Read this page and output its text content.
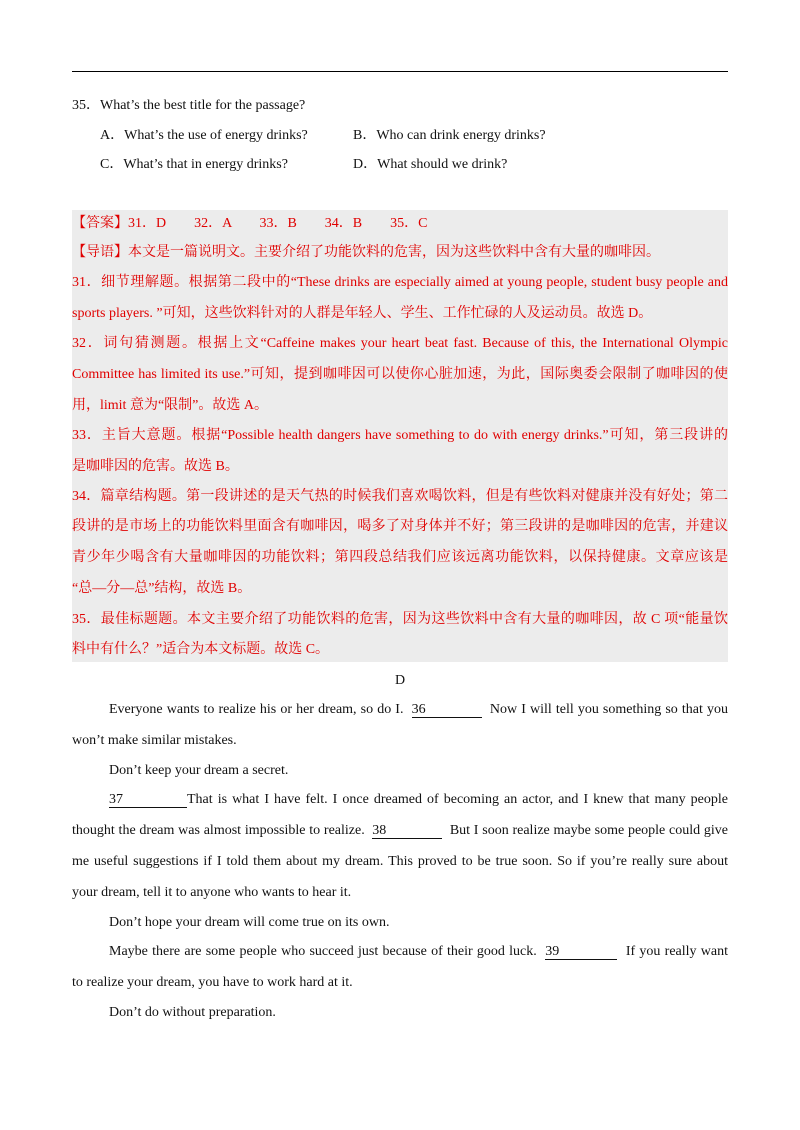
35．What’s the best title for the passage?
A．What’s the use of energy drinks?	B．Who can drink energy drinks?
C．What’s that in energy drinks?	D．What should we drink?
【答案】31．D　　32．A　　33．B　　34．B　　35．C
【导语】本文是一篇说明文。主要介绍了功能饮料的危害，因为这些饮料中含有大量的咖啡因。
31．细节理解题。根据第二段中的“These drinks are especially aimed at young people, student busy people and
sports players. ”可知，这些饮料针对的人群是年轻人、学生、工作忙碌的人及运动员。故选 D。
32．词句猜测题。根据上文“Caffeine makes your heart beat fast. Because of this, the International Olympic
Committee has limited its use.”可知，提到咖啡因可以使你心脏加速，为此，国际奥委会限制了咖啡因的使
用，limit 意为“限制”。故选 A。
33．主旨大意题。根据“Possible health dangers have something to do with energy drinks.”可知，第三段讲的
是咖啡因的危害。故选 B。
34．篇章结构题。第一段讲述的是天气热的时候我们喜欢喝饮料，但是有些饮料对健康并没有好处；第二
段讲的是市场上的功能饮料里面含有咖啡因，喝多了对身体并不好；第三段讲的是咖啡因的危害，并建议
青少年少喝含有大量咖啡因的功能饮料；第四段总结我们应该远离功能饮料，以保持健康。文章应该是
“总—分—总”结构，故选 B。
35．最佳标题题。本文主要介绍了功能饮料的危害，因为这些饮料中含有大量的咖啡因，故 C 项“能量饮
料中有什么？”适合为本文标题。故选 C。
D
Everyone wants to realize his or her dream, so do I. 36	Now I will tell you something so that you
won’t make similar mistakes.
Don’t keep your dream a secret.
37	That is what I have felt. I once dreamed of becoming an actor, and I knew that many people
thought the dream was almost impossible to realize. 38	But I soon realize maybe some people could give
me useful suggestions if I told them about my dream. This proved to be true soon. So if you’re really sure about
your dream, tell it to anyone who wants to hear it.
Don’t hope your dream will come true on its own.
Maybe there are some people who succeed just because of their good luck. 39	If you really want
to realize your dream, you have to work hard at it.
Don’t do without preparation.
